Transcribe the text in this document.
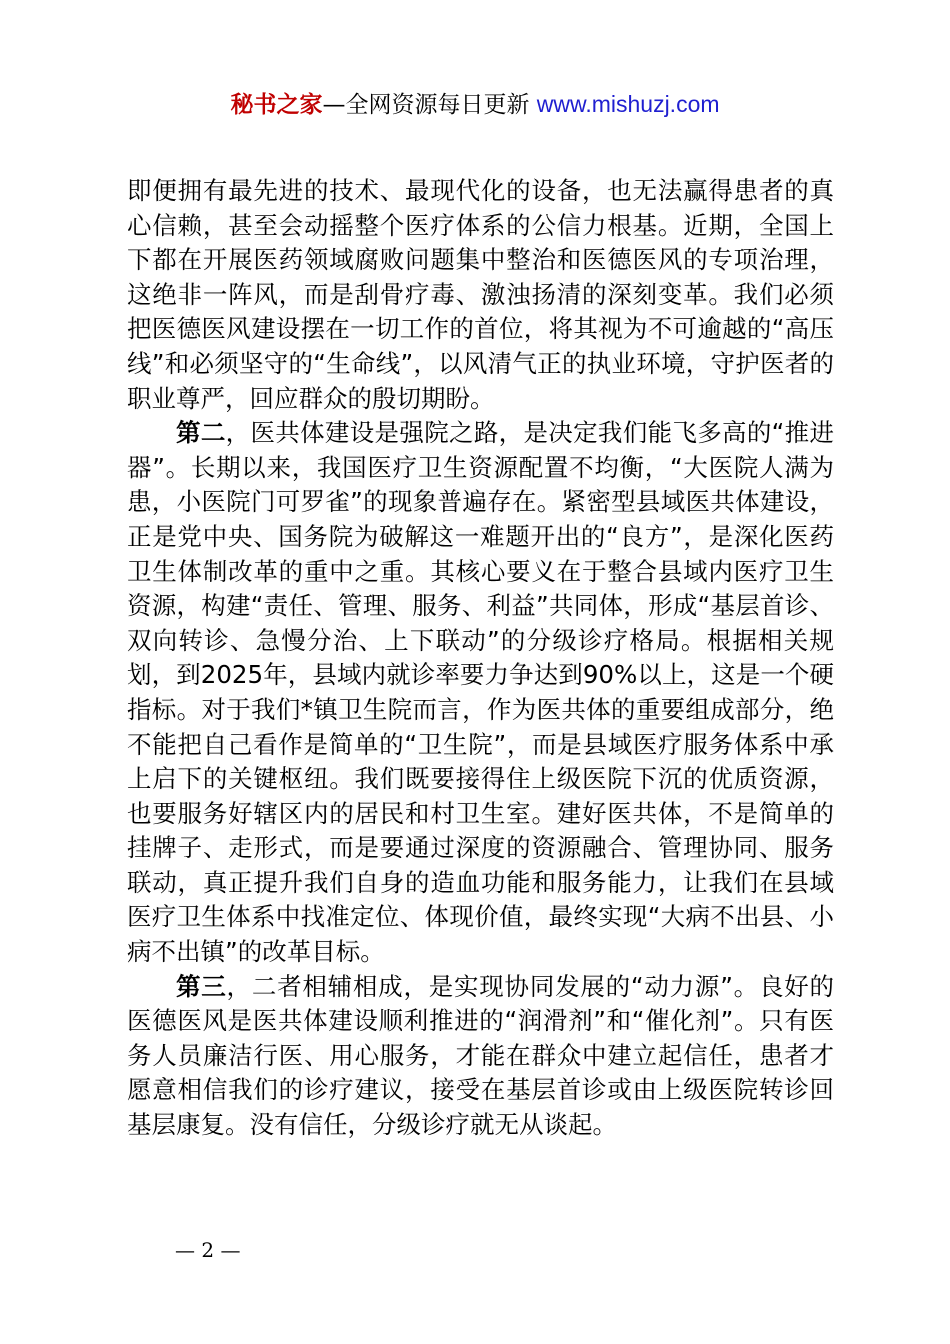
秘书之家—全网资源每日更新 www.mishuzj.com

即便拥有最先进的技术、最现代化的设备，也无法赢得患者的真心信赖，甚至会动摇整个医疗体系的公信力根基。近期，全国上下都在开展医药领域腐败问题集中整治和医德医风的专项治理，这绝非一阵风，而是刮骨疗毒、激浊扬清的深刻变革。我们必须把医德医风建设摆在一切工作的首位，将其视为不可逾越的“高压线”和必须坚守的“生命线”，以风清气正的执业环境，守护医者的职业尊严，回应群众的殷切期盼。

第二，医共体建设是强院之路，是决定我们能飞多高的“推进器”。长期以来，我国医疗卫生资源配置不均衡，“大医院人满为患，小医院门可罗雀”的现象普遍存在。紧密型县域医共体建设，正是党中央、国务院为破解这一难题开出的“良方”，是深化医药卫生体制改革的重中之重。其核心要义在于整合县域内医疗卫生资源，构建“责任、管理、服务、利益”共同体，形成“基层首诊、双向转诊、急慢分治、上下联动”的分级诊疗格局。根据相关规划，到2025年，县域内就诊率要力争达到90%以上，这是一个硬指标。对于我们*镇卫生院而言，作为医共体的重要组成部分，绝不能把自己看作是简单的“卫生院”，而是县域医疗服务体系中承上启下的关键枢纽。我们既要接得住上级医院下沉的优质资源，也要服务好辖区内的居民和村卫生室。建好医共体，不是简单的挂牌子、走形式，而是要通过深度的资源融合、管理协同、服务联动，真正提升我们自身的造血功能和服务能力，让我们在县域医疗卫生体系中找准定位、体现价值，最终实现“大病不出县、小病不出镇”的改革目标。

第三，二者相辅相成，是实现协同发展的“动力源”。良好的医德医风是医共体建设顺利推进的“润滑剂”和“催化剂”。只有医务人员廉洁行医、用心服务，才能在群众中建立起信任，患者才愿意相信我们的诊疗建议，接受在基层首诊或由上级医院转诊回基层康复。没有信任，分级诊疗就无从谈起。

— 2 —
